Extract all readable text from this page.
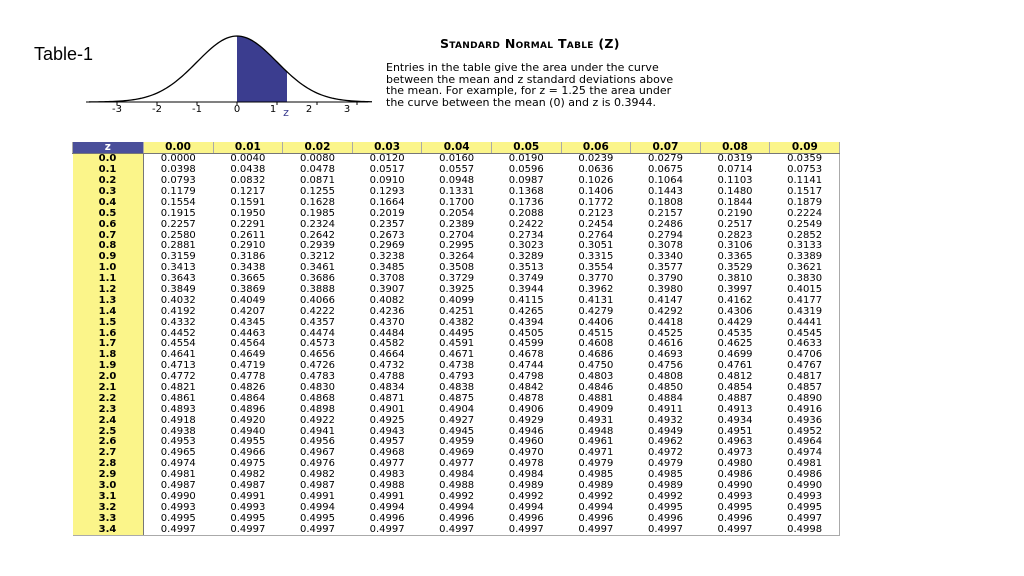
Table-1
-3	-2	-1	0	1	2	3
z
Standard Normal Table (Z)
Entries in the table give the area under the curve
between the mean and z standard deviations above
the mean. For example, for z = 1.25 the area under
the curve between the mean (0) and z is 0.3944.
z	0.00	0.01	0.02	0.03	0.04	0.05	0.06	0.07	0.08	0.09
0.0	0.0000	0.0040	0.0080	0.0120	0.0160	0.0190	0.0239	0.0279	0.0319	0.0359
0.1	0.0398	0.0438	0.0478	0.0517	0.0557	0.0596	0.0636	0.0675	0.0714	0.0753
0.2	0.0793	0.0832	0.0871	0.0910	0.0948	0.0987	0.1026	0.1064	0.1103	0.1141
0.3	0.1179	0.1217	0.1255	0.1293	0.1331	0.1368	0.1406	0.1443	0.1480	0.1517
0.4	0.1554	0.1591	0.1628	0.1664	0.1700	0.1736	0.1772	0.1808	0.1844	0.1879
0.5	0.1915	0.1950	0.1985	0.2019	0.2054	0.2088	0.2123	0.2157	0.2190	0.2224
0.6	0.2257	0.2291	0.2324	0.2357	0.2389	0.2422	0.2454	0.2486	0.2517	0.2549
0.7	0.2580	0.2611	0.2642	0.2673	0.2704	0.2734	0.2764	0.2794	0.2823	0.2852
0.8	0.2881	0.2910	0.2939	0.2969	0.2995	0.3023	0.3051	0.3078	0.3106	0.3133
0.9	0.3159	0.3186	0.3212	0.3238	0.3264	0.3289	0.3315	0.3340	0.3365	0.3389
1.0	0.3413	0.3438	0.3461	0.3485	0.3508	0.3513	0.3554	0.3577	0.3529	0.3621
1.1	0.3643	0.3665	0.3686	0.3708	0.3729	0.3749	0.3770	0.3790	0.3810	0.3830
1.2	0.3849	0.3869	0.3888	0.3907	0.3925	0.3944	0.3962	0.3980	0.3997	0.4015
1.3	0.4032	0.4049	0.4066	0.4082	0.4099	0.4115	0.4131	0.4147	0.4162	0.4177
1.4	0.4192	0.4207	0.4222	0.4236	0.4251	0.4265	0.4279	0.4292	0.4306	0.4319
1.5	0.4332	0.4345	0.4357	0.4370	0.4382	0.4394	0.4406	0.4418	0.4429	0.4441
1.6	0.4452	0.4463	0.4474	0.4484	0.4495	0.4505	0.4515	0.4525	0.4535	0.4545
1.7	0.4554	0.4564	0.4573	0.4582	0.4591	0.4599	0.4608	0.4616	0.4625	0.4633
1.8	0.4641	0.4649	0.4656	0.4664	0.4671	0.4678	0.4686	0.4693	0.4699	0.4706
1.9	0.4713	0.4719	0.4726	0.4732	0.4738	0.4744	0.4750	0.4756	0.4761	0.4767
2.0	0.4772	0.4778	0.4783	0.4788	0.4793	0.4798	0.4803	0.4808	0.4812	0.4817
2.1	0.4821	0.4826	0.4830	0.4834	0.4838	0.4842	0.4846	0.4850	0.4854	0.4857
2.2	0.4861	0.4864	0.4868	0.4871	0.4875	0.4878	0.4881	0.4884	0.4887	0.4890
2.3	0.4893	0.4896	0.4898	0.4901	0.4904	0.4906	0.4909	0.4911	0.4913	0.4916
2.4	0.4918	0.4920	0.4922	0.4925	0.4927	0.4929	0.4931	0.4932	0.4934	0.4936
2.5	0.4938	0.4940	0.4941	0.4943	0.4945	0.4946	0.4948	0.4949	0.4951	0.4952
2.6	0.4953	0.4955	0.4956	0.4957	0.4959	0.4960	0.4961	0.4962	0.4963	0.4964
2.7	0.4965	0.4966	0.4967	0.4968	0.4969	0.4970	0.4971	0.4972	0.4973	0.4974
2.8	0.4974	0.4975	0.4976	0.4977	0.4977	0.4978	0.4979	0.4979	0.4980	0.4981
2.9	0.4981	0.4982	0.4982	0.4983	0.4984	0.4984	0.4985	0.4985	0.4986	0.4986
3.0	0.4987	0.4987	0.4987	0.4988	0.4988	0.4989	0.4989	0.4989	0.4990	0.4990
3.1	0.4990	0.4991	0.4991	0.4991	0.4992	0.4992	0.4992	0.4992	0.4993	0.4993
3.2	0.4993	0.4993	0.4994	0.4994	0.4994	0.4994	0.4994	0.4995	0.4995	0.4995
3.3	0.4995	0.4995	0.4995	0.4996	0.4996	0.4996	0.4996	0.4996	0.4996	0.4997
3.4	0.4997	0.4997	0.4997	0.4997	0.4997	0.4997	0.4997	0.4997	0.4997	0.4998
